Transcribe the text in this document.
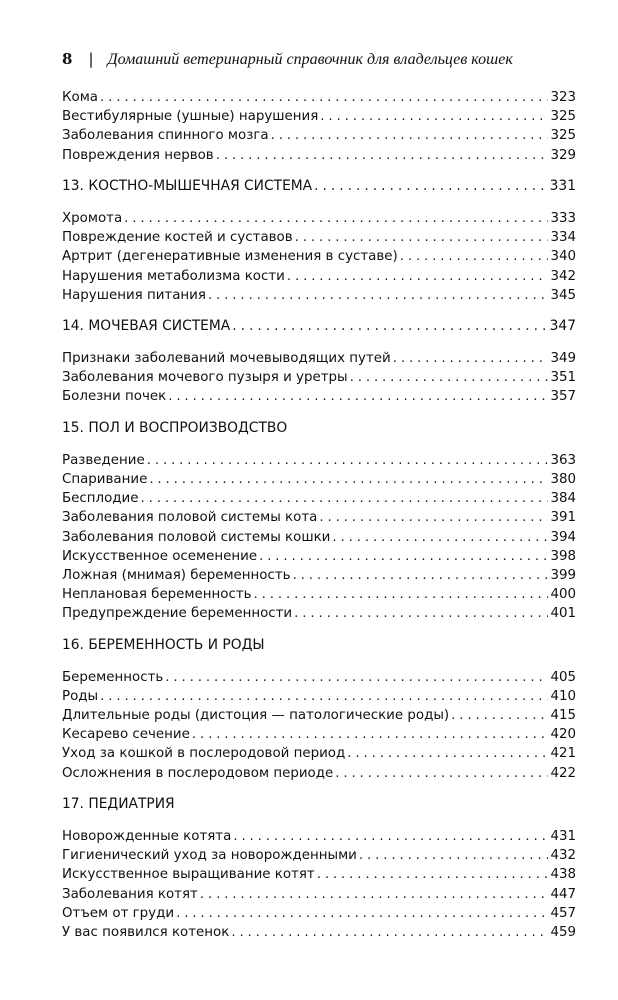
8 | Домашний ветеринарный справочник для владельцев кошек
Кома . . .	323
Вестибулярные (ушные) нарушения . . .	325
Заболевания спинного мозга . . .	325
Повреждения нервов . . .	329
13. КОСТНО-МЫШЕЧНАЯ СИСТЕМА . . .	331
Хромота . . .	333
Повреждение костей и суставов . . .	334
Артрит (дегенеративные изменения в суставе) . . .	340
Нарушения метаболизма кости . . .	342
Нарушения питания . . .	345
14. МОЧЕВАЯ СИСТЕМА . . .	347
Признаки заболеваний мочевыводящих путей . . .	349
Заболевания мочевого пузыря и уретры . . .	351
Болезни почек . . .	357
15. ПОЛ И ВОСПРОИЗВОДСТВО
Разведение . . .	363
Спаривание . . .	380
Бесплодие . . .	384
Заболевания половой системы кота . . .	391
Заболевания половой системы кошки . . .	394
Искусственное осеменение . . .	398
Ложная (мнимая) беременность . . .	399
Неплановая беременность . . .	400
Предупреждение беременности . . .	401
16. БЕРЕМЕННОСТЬ И РОДЫ
Беременность . . .	405
Роды . . .	410
Длительные роды (дистоция — патологические роды) . . .	415
Кесарево сечение . . .	420
Уход за кошкой в послеродовой период . . .	421
Осложнения в послеродовом периоде . . .	422
17. ПЕДИАТРИЯ
Новорожденные котята . . .	431
Гигиенический уход за новорожденными . . .	432
Искусственное выращивание котят . . .	438
Заболевания котят . . .	447
Отъем от груди . . .	457
У вас появился котенок . . .	459
